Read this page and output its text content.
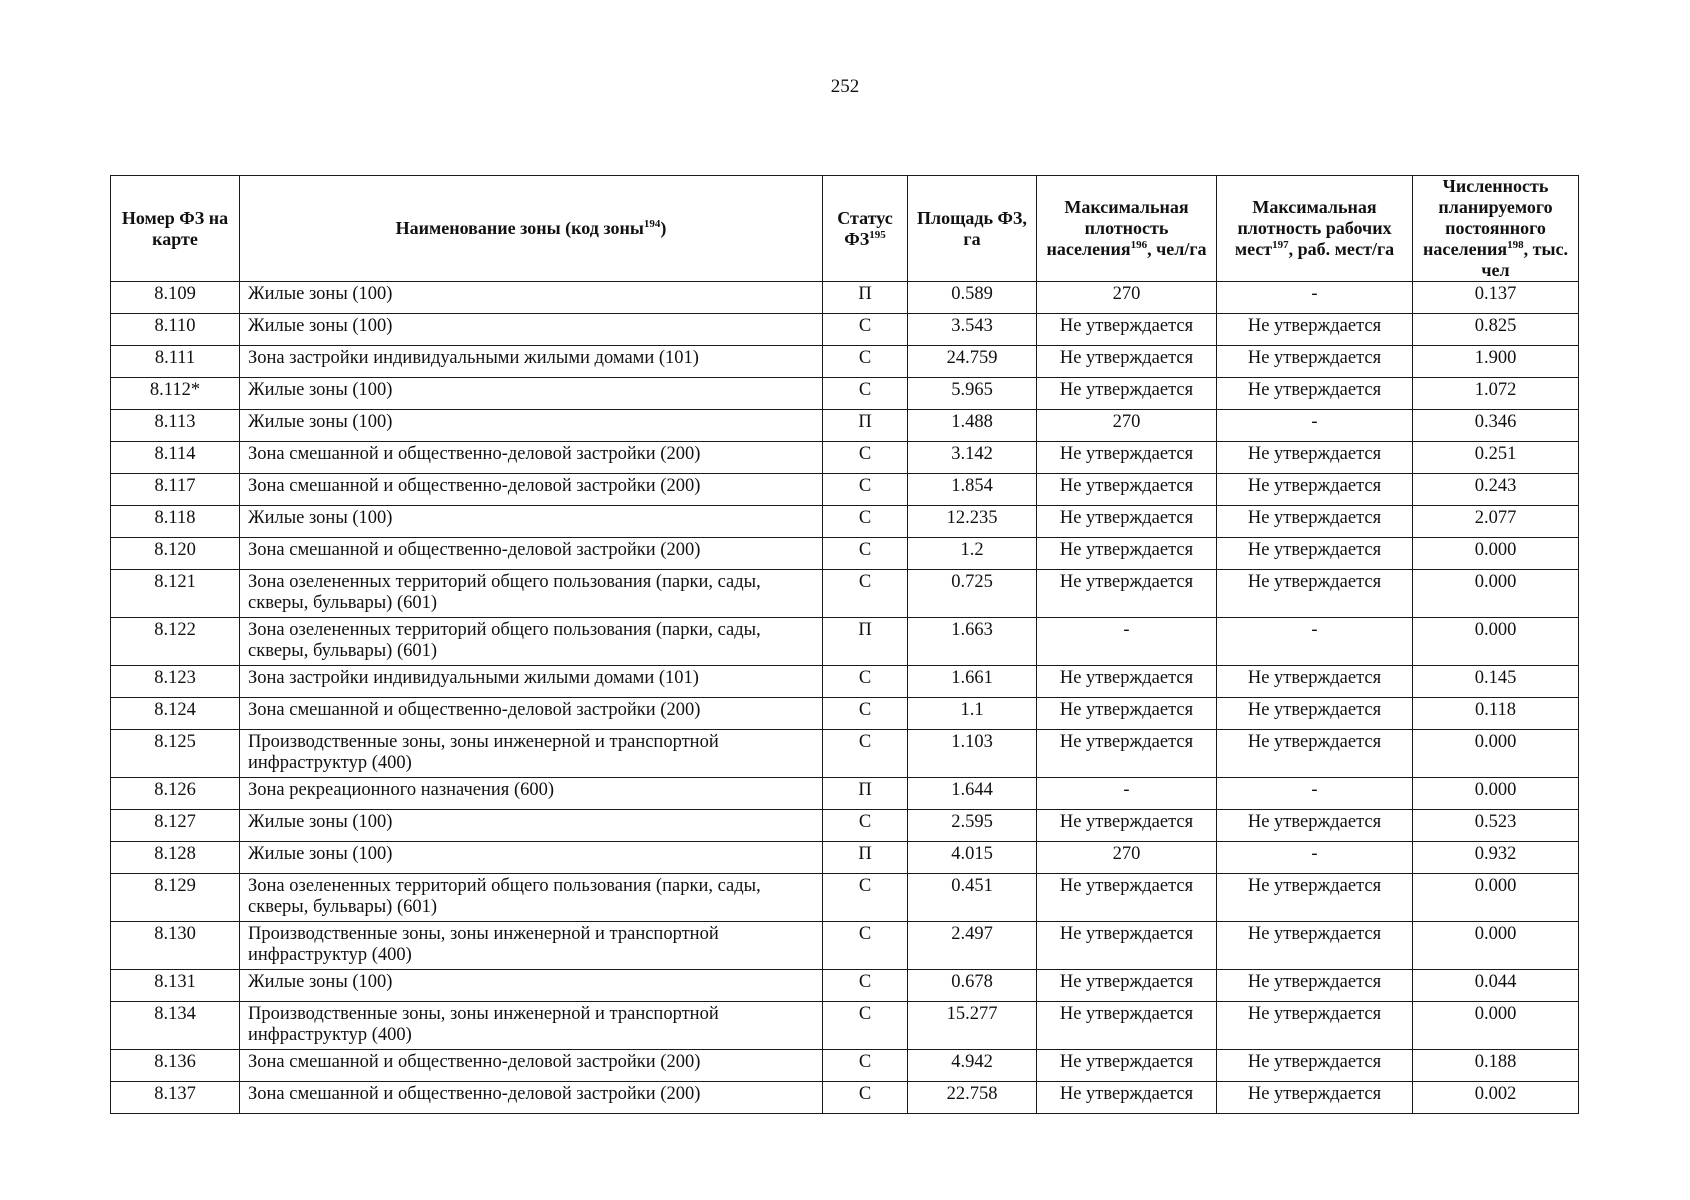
252
Номер ФЗ на карте	Наименование зоны (код зоны$^{194}$)	Статус ФЗ$^{195}$	Площадь ФЗ, га	Максимальная плотность населения$^{196}$, чел/га	Максимальная плотность рабочих мест$^{197}$, раб. мест/га	Численность планируемого постоянного населения$^{198}$, тыс. чел
8.109	Жилые зоны (100)	П	0.589	270	-	0.137
8.110	Жилые зоны (100)	С	3.543	Не утверждается	Не утверждается	0.825
8.111	Зона застройки индивидуальными жилыми домами (101)	С	24.759	Не утверждается	Не утверждается	1.900
8.112*	Жилые зоны (100)	С	5.965	Не утверждается	Не утверждается	1.072
8.113	Жилые зоны (100)	П	1.488	270	-	0.346
8.114	Зона смешанной и общественно-деловой застройки (200)	С	3.142	Не утверждается	Не утверждается	0.251
8.117	Зона смешанной и общественно-деловой застройки (200)	С	1.854	Не утверждается	Не утверждается	0.243
8.118	Жилые зоны (100)	С	12.235	Не утверждается	Не утверждается	2.077
8.120	Зона смешанной и общественно-деловой застройки (200)	С	1.2	Не утверждается	Не утверждается	0.000
8.121	Зона озелененных территорий общего пользования (парки, сады, скверы, бульвары) (601)	С	0.725	Не утверждается	Не утверждается	0.000
8.122	Зона озелененных территорий общего пользования (парки, сады, скверы, бульвары) (601)	П	1.663	-	-	0.000
8.123	Зона застройки индивидуальными жилыми домами (101)	С	1.661	Не утверждается	Не утверждается	0.145
8.124	Зона смешанной и общественно-деловой застройки (200)	С	1.1	Не утверждается	Не утверждается	0.118
8.125	Производственные зоны, зоны инженерной и транспортной инфраструктур (400)	С	1.103	Не утверждается	Не утверждается	0.000
8.126	Зона рекреационного назначения (600)	П	1.644	-	-	0.000
8.127	Жилые зоны (100)	С	2.595	Не утверждается	Не утверждается	0.523
8.128	Жилые зоны (100)	П	4.015	270	-	0.932
8.129	Зона озелененных территорий общего пользования (парки, сады, скверы, бульвары) (601)	С	0.451	Не утверждается	Не утверждается	0.000
8.130	Производственные зоны, зоны инженерной и транспортной инфраструктур (400)	С	2.497	Не утверждается	Не утверждается	0.000
8.131	Жилые зоны (100)	С	0.678	Не утверждается	Не утверждается	0.044
8.134	Производственные зоны, зоны инженерной и транспортной инфраструктур (400)	С	15.277	Не утверждается	Не утверждается	0.000
8.136	Зона смешанной и общественно-деловой застройки (200)	С	4.942	Не утверждается	Не утверждается	0.188
8.137	Зона смешанной и общественно-деловой застройки (200)	С	22.758	Не утверждается	Не утверждается	0.002
